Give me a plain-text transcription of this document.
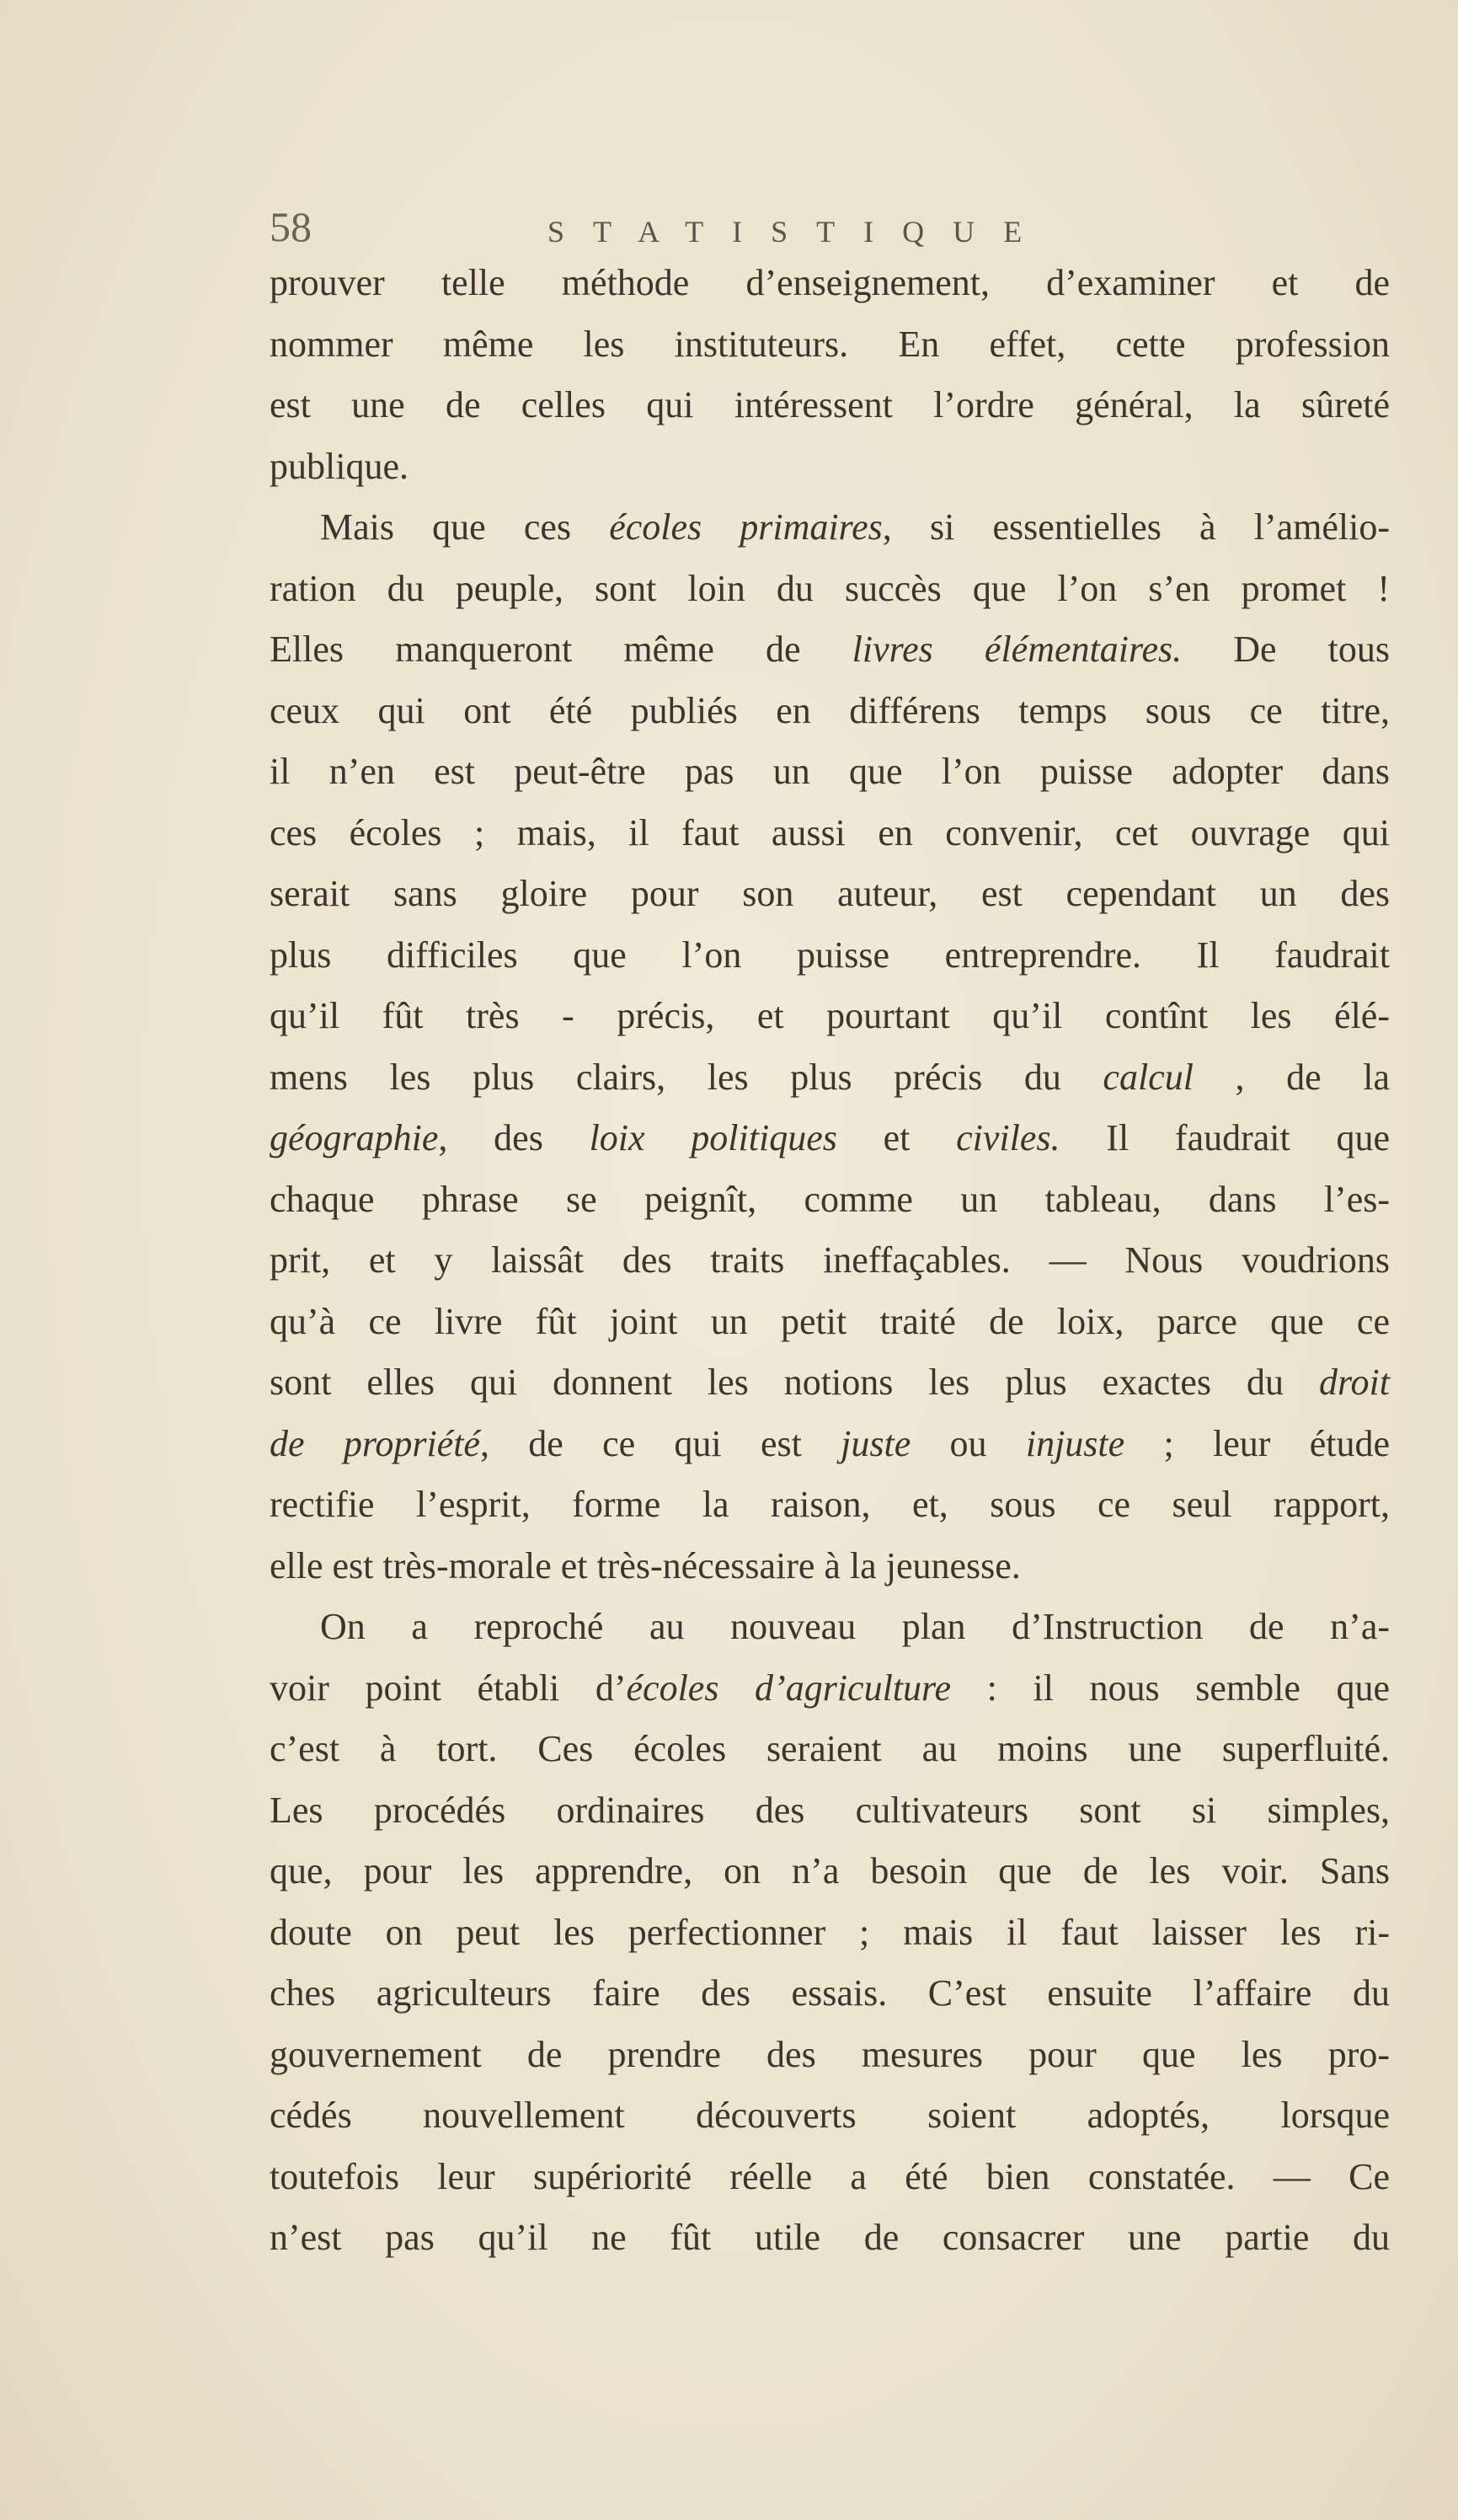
58	STATISTIQUE
prouver telle méthode d’enseignement, d’examiner et de
nommer même les instituteurs. En effet, cette profession
est une de celles qui intéressent l’ordre général, la sûreté
publique.
Mais que ces écoles primaires, si essentielles à l’amélio-
ration du peuple, sont loin du succès que l’on s’en promet !
Elles manqueront même de livres élémentaires. De tous
ceux qui ont été publiés en différens temps sous ce titre,
il n’en est peut-être pas un que l’on puisse adopter dans
ces écoles ; mais, il faut aussi en convenir, cet ouvrage qui
serait sans gloire pour son auteur, est cependant un des
plus difficiles que l’on puisse entreprendre. Il faudrait
qu’il fût très - précis, et pourtant qu’il contînt les élé-
mens les plus clairs, les plus précis du calcul , de la
géographie, des loix politiques et civiles. Il faudrait que
chaque phrase se peignît, comme un tableau, dans l’es-
prit, et y laissât des traits ineffaçables. — Nous voudrions
qu’à ce livre fût joint un petit traité de loix, parce que ce
sont elles qui donnent les notions les plus exactes du droit
de propriété, de ce qui est juste ou injuste ; leur étude
rectifie l’esprit, forme la raison, et, sous ce seul rapport,
elle est très-morale et très-nécessaire à la jeunesse.
On a reproché au nouveau plan d’Instruction de n’a-
voir point établi d’écoles d’agriculture : il nous semble que
c’est à tort. Ces écoles seraient au moins une superfluité.
Les procédés ordinaires des cultivateurs sont si simples,
que, pour les apprendre, on n’a besoin que de les voir. Sans
doute on peut les perfectionner ; mais il faut laisser les ri-
ches agriculteurs faire des essais. C’est ensuite l’affaire du
gouvernement de prendre des mesures pour que les pro-
cédés nouvellement découverts soient adoptés, lorsque
toutefois leur supériorité réelle a été bien constatée. — Ce
n’est pas qu’il ne fût utile de consacrer une partie du
